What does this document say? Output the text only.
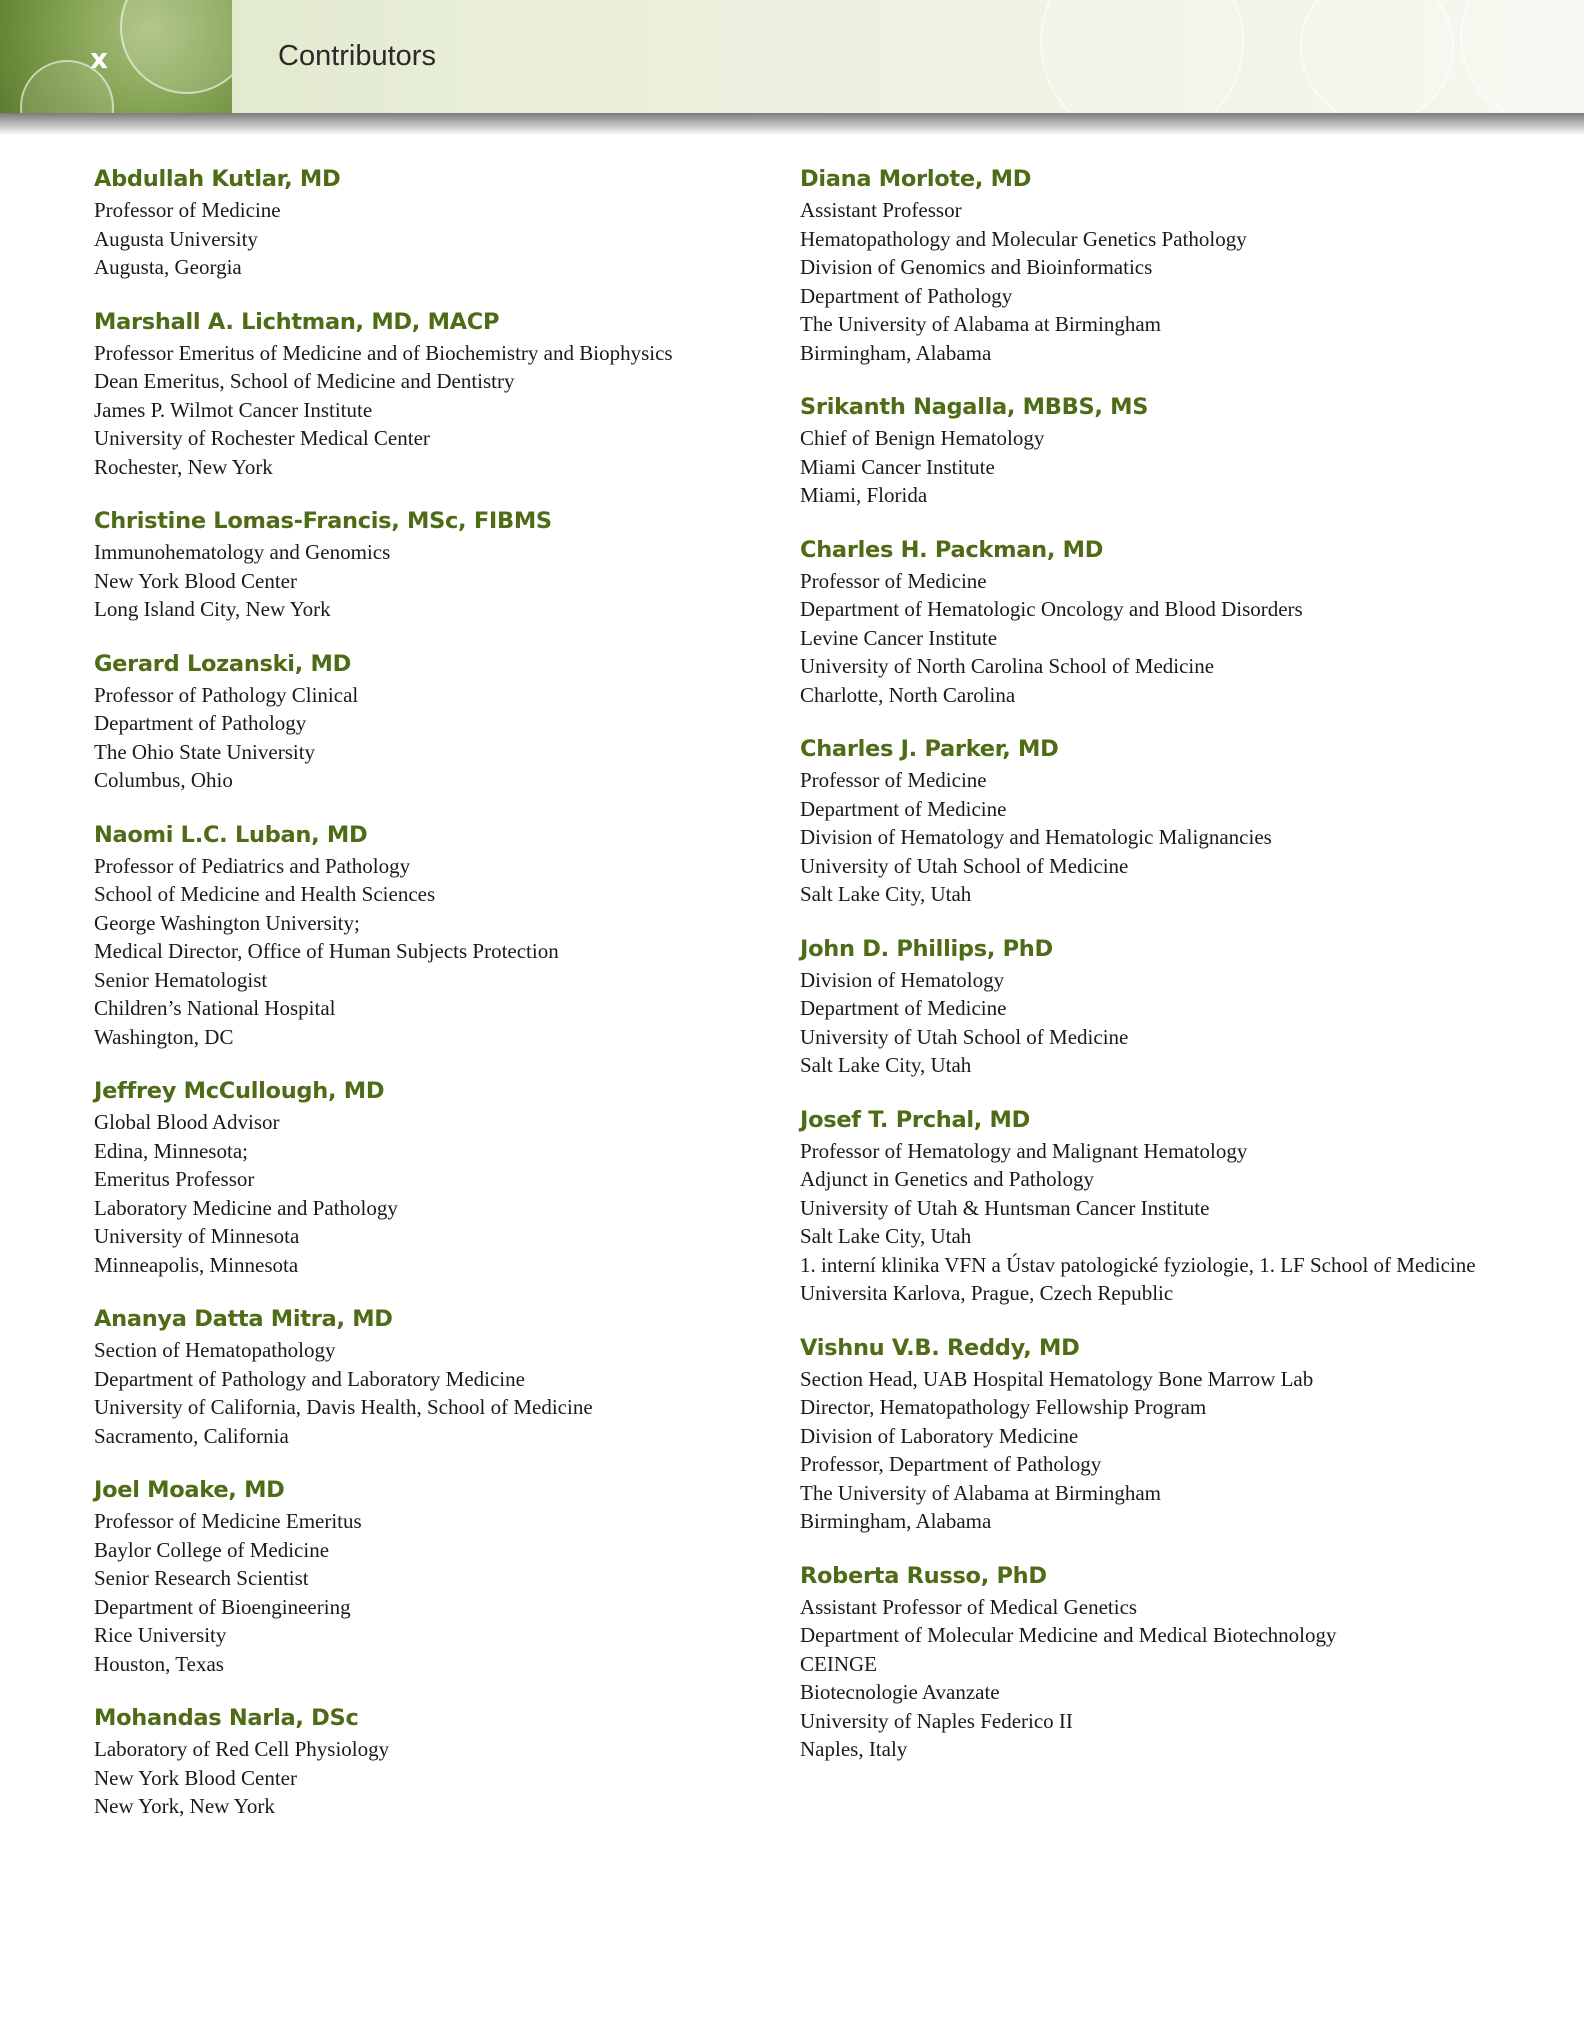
x	Contributors
Abdullah Kutlar, MD
Professor of Medicine
Augusta University
Augusta, Georgia
Marshall A. Lichtman, MD, MACP
Professor Emeritus of Medicine and of Biochemistry and Biophysics
Dean Emeritus, School of Medicine and Dentistry
James P. Wilmot Cancer Institute
University of Rochester Medical Center
Rochester, New York
Christine Lomas-Francis, MSc, FIBMS
Immunohematology and Genomics
New York Blood Center
Long Island City, New York
Gerard Lozanski, MD
Professor of Pathology Clinical
Department of Pathology
The Ohio State University
Columbus, Ohio
Naomi L.C. Luban, MD
Professor of Pediatrics and Pathology
School of Medicine and Health Sciences
George Washington University;
Medical Director, Office of Human Subjects Protection
Senior Hematologist
Children’s National Hospital
Washington, DC
Jeffrey McCullough, MD
Global Blood Advisor
Edina, Minnesota;
Emeritus Professor
Laboratory Medicine and Pathology
University of Minnesota
Minneapolis, Minnesota
Ananya Datta Mitra, MD
Section of Hematopathology
Department of Pathology and Laboratory Medicine
University of California, Davis Health, School of Medicine
Sacramento, California
Joel Moake, MD
Professor of Medicine Emeritus
Baylor College of Medicine
Senior Research Scientist
Department of Bioengineering
Rice University
Houston, Texas
Mohandas Narla, DSc
Laboratory of Red Cell Physiology
New York Blood Center
New York, New York
Diana Morlote, MD
Assistant Professor
Hematopathology and Molecular Genetics Pathology
Division of Genomics and Bioinformatics
Department of Pathology
The University of Alabama at Birmingham
Birmingham, Alabama
Srikanth Nagalla, MBBS, MS
Chief of Benign Hematology
Miami Cancer Institute
Miami, Florida
Charles H. Packman, MD
Professor of Medicine
Department of Hematologic Oncology and Blood Disorders
Levine Cancer Institute
University of North Carolina School of Medicine
Charlotte, North Carolina
Charles J. Parker, MD
Professor of Medicine
Department of Medicine
Division of Hematology and Hematologic Malignancies
University of Utah School of Medicine
Salt Lake City, Utah
John D. Phillips, PhD
Division of Hematology
Department of Medicine
University of Utah School of Medicine
Salt Lake City, Utah
Josef T. Prchal, MD
Professor of Hematology and Malignant Hematology
Adjunct in Genetics and Pathology
University of Utah & Huntsman Cancer Institute
Salt Lake City, Utah
1. interní klinika VFN a Ústav patologické fyziologie, 1. LF School of Medicine
Universita Karlova, Prague, Czech Republic
Vishnu V.B. Reddy, MD
Section Head, UAB Hospital Hematology Bone Marrow Lab
Director, Hematopathology Fellowship Program
Division of Laboratory Medicine
Professor, Department of Pathology
The University of Alabama at Birmingham
Birmingham, Alabama
Roberta Russo, PhD
Assistant Professor of Medical Genetics
Department of Molecular Medicine and Medical Biotechnology
CEINGE
Biotecnologie Avanzate
University of Naples Federico II
Naples, Italy
